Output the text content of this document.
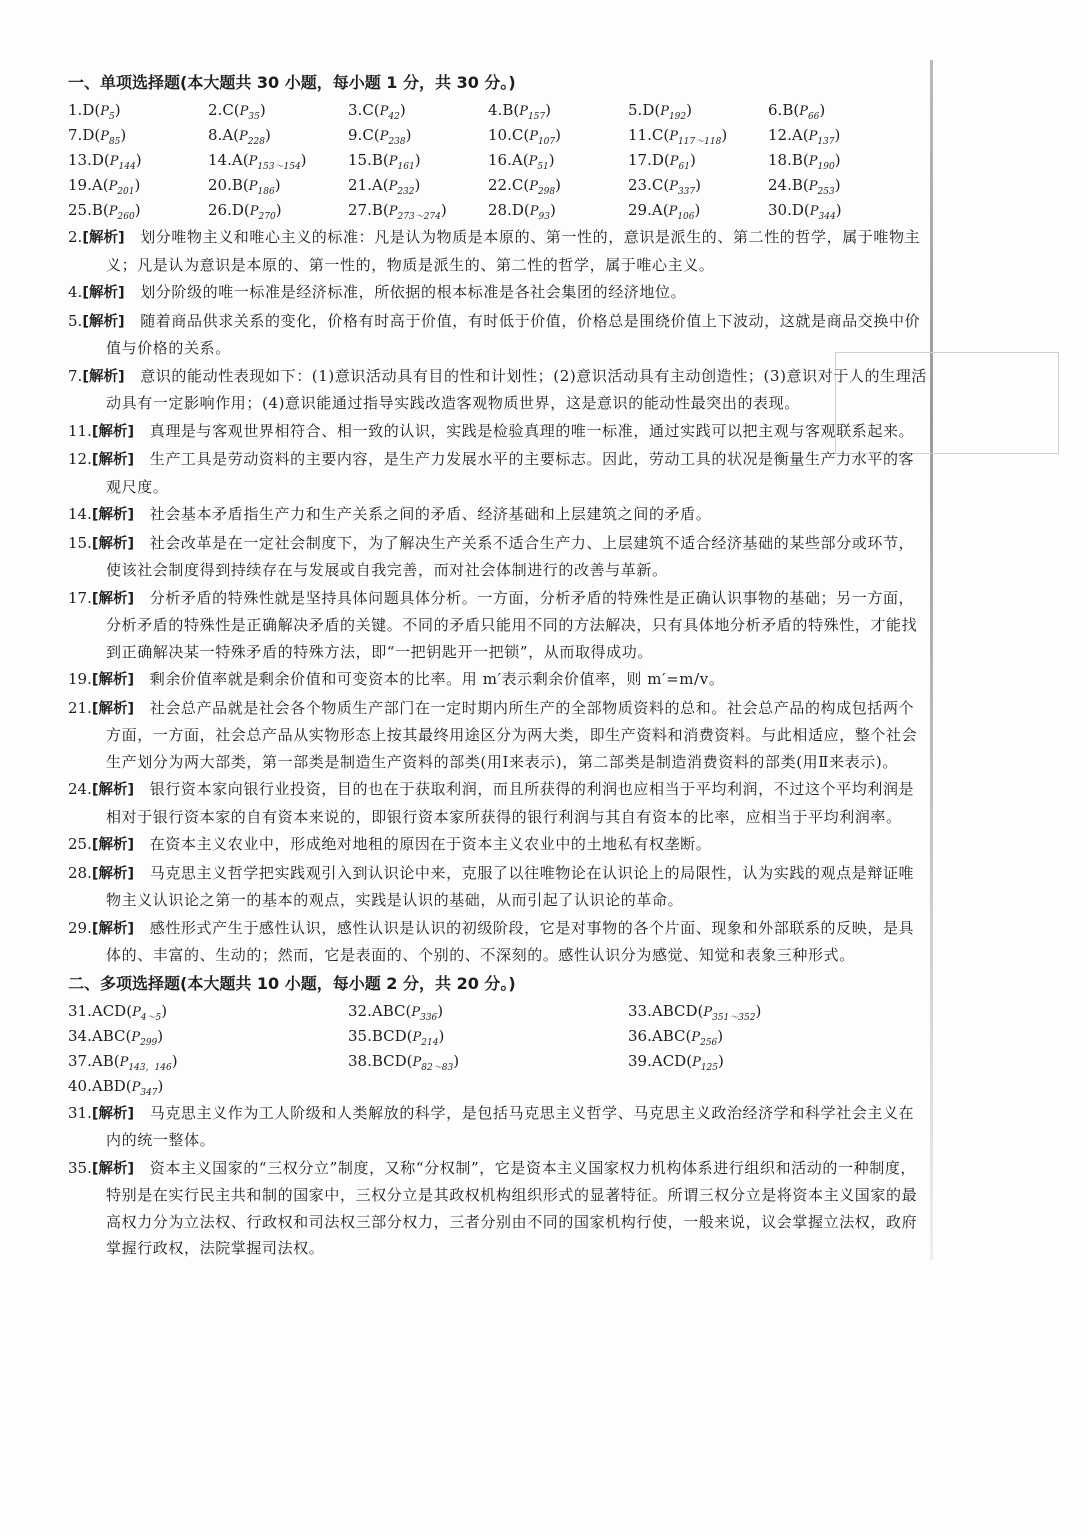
一、单项选择题(本大题共 30 小题，每小题 1 分，共 30 分。)
$1.D(P_5)$	$2.C(P_{35})$	$3.C(P_{42})$	$4.B(P_{157})$	$5.D(P_{192})$	$6.B(P_{66})$
$7.D(P_{85})$	$8.A(P_{228})$	$9.C(P_{238})$	$10.C(P_{107})$	$11.C(P_{117\sim 118})$	$12.A(P_{137})$
$13.D(P_{144})$	$14.A(P_{153\sim 154})$	$15.B(P_{161})$	$16.A(P_{51})$	$17.D(P_{61})$	$18.B(P_{190})$
$19.A(P_{201})$	$20.B(P_{186})$	$21.A(P_{232})$	$22.C(P_{298})$	$23.C(P_{337})$	$24.B(P_{253})$
$25.B(P_{260})$	$26.D(P_{270})$	$27.B(P_{273\sim 274})$	$28.D(P_{93})$	$29.A(P_{106})$	$30.D(P_{344})$
2.[解析]  划分唯物主义和唯心主义的标准：凡是认为物质是本原的、第一性的，意识是派生的、第二性的哲学，属于唯物主义；凡是认为意识是本原的、第一性的，物质是派生的、第二性的哲学，属于唯心主义。
4.[解析]  划分阶级的唯一标准是经济标准，所依据的根本标准是各社会集团的经济地位。
5.[解析]  随着商品供求关系的变化，价格有时高于价值，有时低于价值，价格总是围绕价值上下波动，这就是商品交换中价值与价格的关系。
7.[解析]  意识的能动性表现如下：(1)意识活动具有目的性和计划性；(2)意识活动具有主动创造性；(3)意识对于人的生理活动具有一定影响作用；(4)意识能通过指导实践改造客观物质世界，这是意识的能动性最突出的表现。
11.[解析]  真理是与客观世界相符合、相一致的认识，实践是检验真理的唯一标准，通过实践可以把主观与客观联系起来。
12.[解析]  生产工具是劳动资料的主要内容，是生产力发展水平的主要标志。因此，劳动工具的状况是衡量生产力水平的客观尺度。
14.[解析]  社会基本矛盾指生产力和生产关系之间的矛盾、经济基础和上层建筑之间的矛盾。
15.[解析]  社会改革是在一定社会制度下，为了解决生产关系不适合生产力、上层建筑不适合经济基础的某些部分或环节，使该社会制度得到持续存在与发展或自我完善，而对社会体制进行的改善与革新。
17.[解析]  分析矛盾的特殊性就是坚持具体问题具体分析。一方面，分析矛盾的特殊性是正确认识事物的基础；另一方面，分析矛盾的特殊性是正确解决矛盾的关键。不同的矛盾只能用不同的方法解决，只有具体地分析矛盾的特殊性，才能找到正确解决某一特殊矛盾的特殊方法，即“一把钥匙开一把锁”，从而取得成功。
19.[解析]  剩余价值率就是剩余价值和可变资本的比率。用 m′表示剩余价值率，则 m′=m/v。
21.[解析]  社会总产品就是社会各个物质生产部门在一定时期内所生产的全部物质资料的总和。社会总产品的构成包括两个方面，一方面，社会总产品从实物形态上按其最终用途区分为两大类，即生产资料和消费资料。与此相适应，整个社会生产划分为两大部类，第一部类是制造生产资料的部类(用Ⅰ来表示)，第二部类是制造消费资料的部类(用Ⅱ来表示)。
24.[解析]  银行资本家向银行业投资，目的也在于获取利润，而且所获得的利润也应相当于平均利润，不过这个平均利润是相对于银行资本家的自有资本来说的，即银行资本家所获得的银行利润与其自有资本的比率，应相当于平均利润率。
25.[解析]  在资本主义农业中，形成绝对地租的原因在于资本主义农业中的土地私有权垄断。
28.[解析]  马克思主义哲学把实践观引入到认识论中来，克服了以往唯物论在认识论上的局限性，认为实践的观点是辩证唯物主义认识论之第一的基本的观点，实践是认识的基础，从而引起了认识论的革命。
29.[解析]  感性形式产生于感性认识，感性认识是认识的初级阶段，它是对事物的各个片面、现象和外部联系的反映，是具体的、丰富的、生动的；然而，它是表面的、个别的、不深刻的。感性认识分为感觉、知觉和表象三种形式。
二、多项选择题(本大题共 10 小题，每小题 2 分，共 20 分。)
$31.ACD(P_{4\sim 5})$	$32.ABC(P_{336})$	$33.ABCD(P_{351\sim 352})$
$34.ABC(P_{299})$	$35.BCD(P_{214})$	$36.ABC(P_{256})$
$37.AB(P_{143,146})$	$38.BCD(P_{82\sim 83})$	$39.ACD(P_{125})$
$40.ABD(P_{347})$
31.[解析]  马克思主义作为工人阶级和人类解放的科学，是包括马克思主义哲学、马克思主义政治经济学和科学社会主义在内的统一整体。
35.[解析]  资本主义国家的“三权分立”制度，又称“分权制”，它是资本主义国家权力机构体系进行组织和活动的一种制度，特别是在实行民主共和制的国家中，三权分立是其政权机构组织形式的显著特征。所谓三权分立是将资本主义国家的最高权力分为立法权、行政权和司法权三部分权力，三者分别由不同的国家机构行使，一般来说，议会掌握立法权，政府掌握行政权，法院掌握司法权。
